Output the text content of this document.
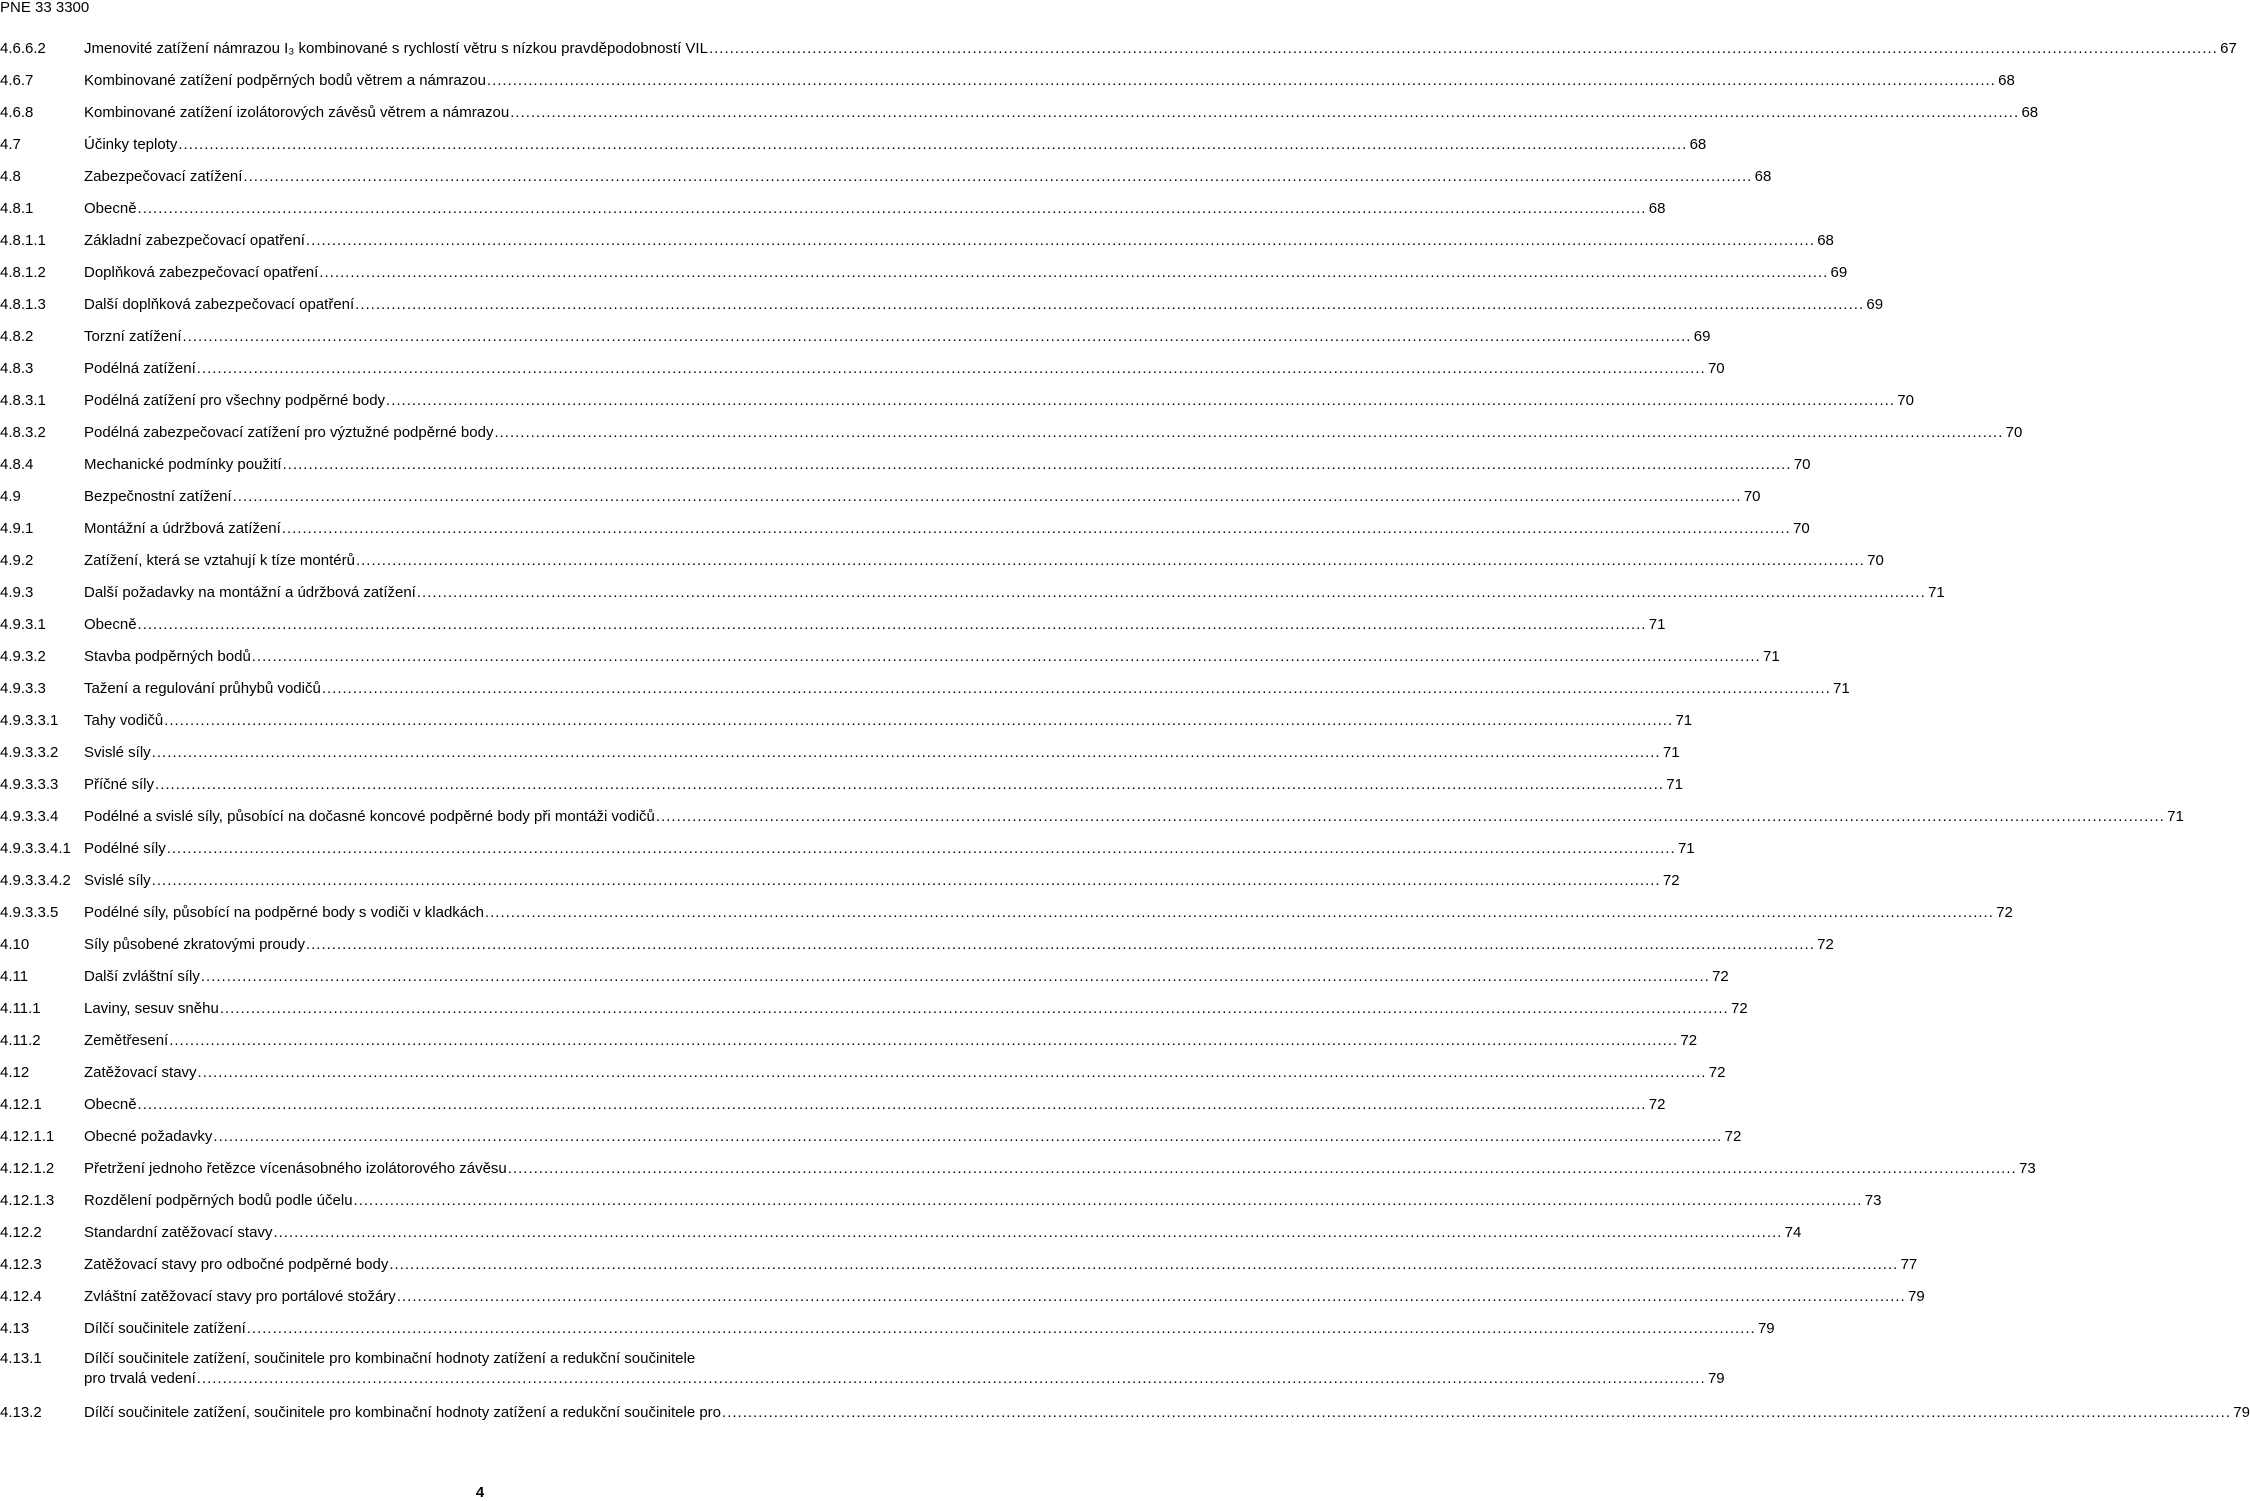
PNE 33 3300
4.6.6.2	Jmenovité zatížení námrazou I₃ kombinované s rychlostí větru s nízkou pravděpodobností VIL .....	67
4.6.7	Kombinované zatížení podpěrných bodů větrem a námrazou .....	68
4.6.8	Kombinované zatížení izolátorových závěsů větrem a námrazou .....	68
4.7	Účinky teploty .....	68
4.8	Zabezpečovací zatížení .....	68
4.8.1	Obecně .....	68
4.8.1.1	Základní zabezpečovací opatření .....	68
4.8.1.2	Doplňková zabezpečovací opatření .....	69
4.8.1.3	Další doplňková zabezpečovací opatření .....	69
4.8.2	Torzní zatížení .....	69
4.8.3	Podélná zatížení .....	70
4.8.3.1	Podélná zatížení pro všechny podpěrné body .....	70
4.8.3.2	Podélná zabezpečovací zatížení pro výztužné podpěrné body .....	70
4.8.4	Mechanické podmínky použití .....	70
4.9	Bezpečnostní zatížení .....	70
4.9.1	Montážní a údržbová zatížení .....	70
4.9.2	Zatížení, která se vztahují k tíze montérů .....	70
4.9.3	Další požadavky na montážní a údržbová zatížení .....	71
4.9.3.1	Obecně .....	71
4.9.3.2	Stavba podpěrných bodů .....	71
4.9.3.3	Tažení a regulování průhybů vodičů .....	71
4.9.3.3.1	Tahy vodičů .....	71
4.9.3.3.2	Svislé síly .....	71
4.9.3.3.3	Příčné síly .....	71
4.9.3.3.4	Podélné a svislé síly, působící na dočasné koncové podpěrné body při montáži vodičů .....	71
4.9.3.3.4.1 Podélné síly .....	71
4.9.3.3.4.2 Svislé síly .....	72
4.9.3.3.5	Podélné síly, působící na podpěrné body s vodiči v kladkách .....	72
4.10	Síly působené zkratovými proudy .....	72
4.11	Další zvláštní síly .....	72
4.11.1	Laviny, sesuv sněhu .....	72
4.11.2	Zemětřesení .....	72
4.12	Zatěžovací stavy .....	72
4.12.1	Obecně .....	72
4.12.1.1	Obecné požadavky .....	72
4.12.1.2	Přetržení jednoho řetězce vícenásobného izolátorového závěsu .....	73
4.12.1.3	Rozdělení podpěrných bodů podle účelu .....	73
4.12.2	Standardní zatěžovací stavy .....	74
4.12.3	Zatěžovací stavy pro odbočné podpěrné body .....	77
4.12.4	Zvláštní zatěžovací stavy pro portálové stožáry .....	79
4.13	Dílčí součinitele zatížení .....	79
4.13.1	Dílčí součinitele zatížení, součinitele pro kombinační hodnoty zatížení a redukční součinitele
pro trvalá vedení .....	79
4.13.2	Dílčí součinitele zatížení, součinitele pro kombinační hodnoty zatížení a redukční součinitele pro .....	79
4
